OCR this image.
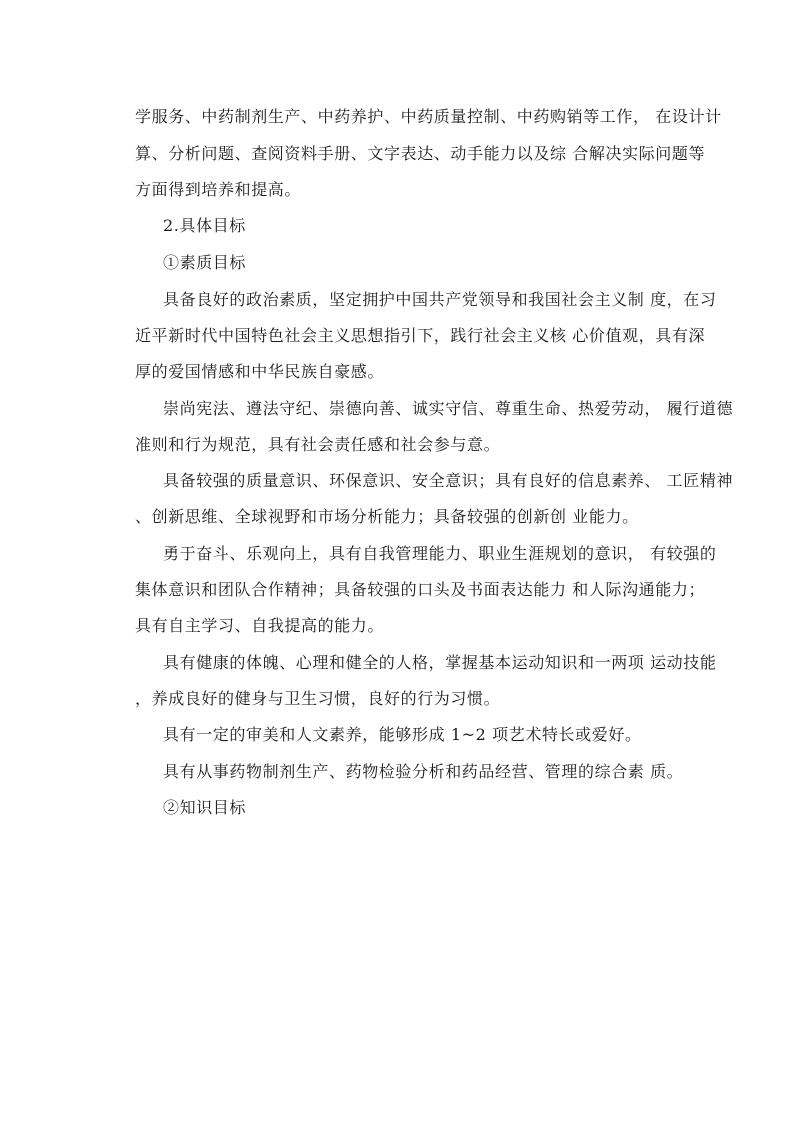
学服务、中药制剂生产、中药养护、中药质量控制、中药购销等工作， 在设计计
算、分析问题、查阅资料手册、文字表达、动手能力以及综 合解决实际问题等
方面得到培养和提高。
2.具体目标
①素质目标
具备良好的政治素质，坚定拥护中国共产党领导和我国社会主义制 度，在习
近平新时代中国特色社会主义思想指引下，践行社会主义核 心价值观，具有深
厚的爱国情感和中华民族自豪感。
崇尚宪法、遵法守纪、崇德向善、诚实守信、尊重生命、热爱劳动， 履行道德
准则和行为规范，具有社会责任感和社会参与意。
具备较强的质量意识、环保意识、安全意识；具有良好的信息素养、 工匠精神
、创新思维、全球视野和市场分析能力；具备较强的创新创 业能力。
勇于奋斗、乐观向上，具有自我管理能力、职业生涯规划的意识， 有较强的
集体意识和团队合作精神；具备较强的口头及书面表达能力 和人际沟通能力；
具有自主学习、自我提高的能力。
具有健康的体魄、心理和健全的人格，掌握基本运动知识和一两项 运动技能
，养成良好的健身与卫生习惯，良好的行为习惯。
具有一定的审美和人文素养，能够形成 1~2 项艺术特长或爱好。
具有从事药物制剂生产、药物检验分析和药品经营、管理的综合素 质。
②知识目标
